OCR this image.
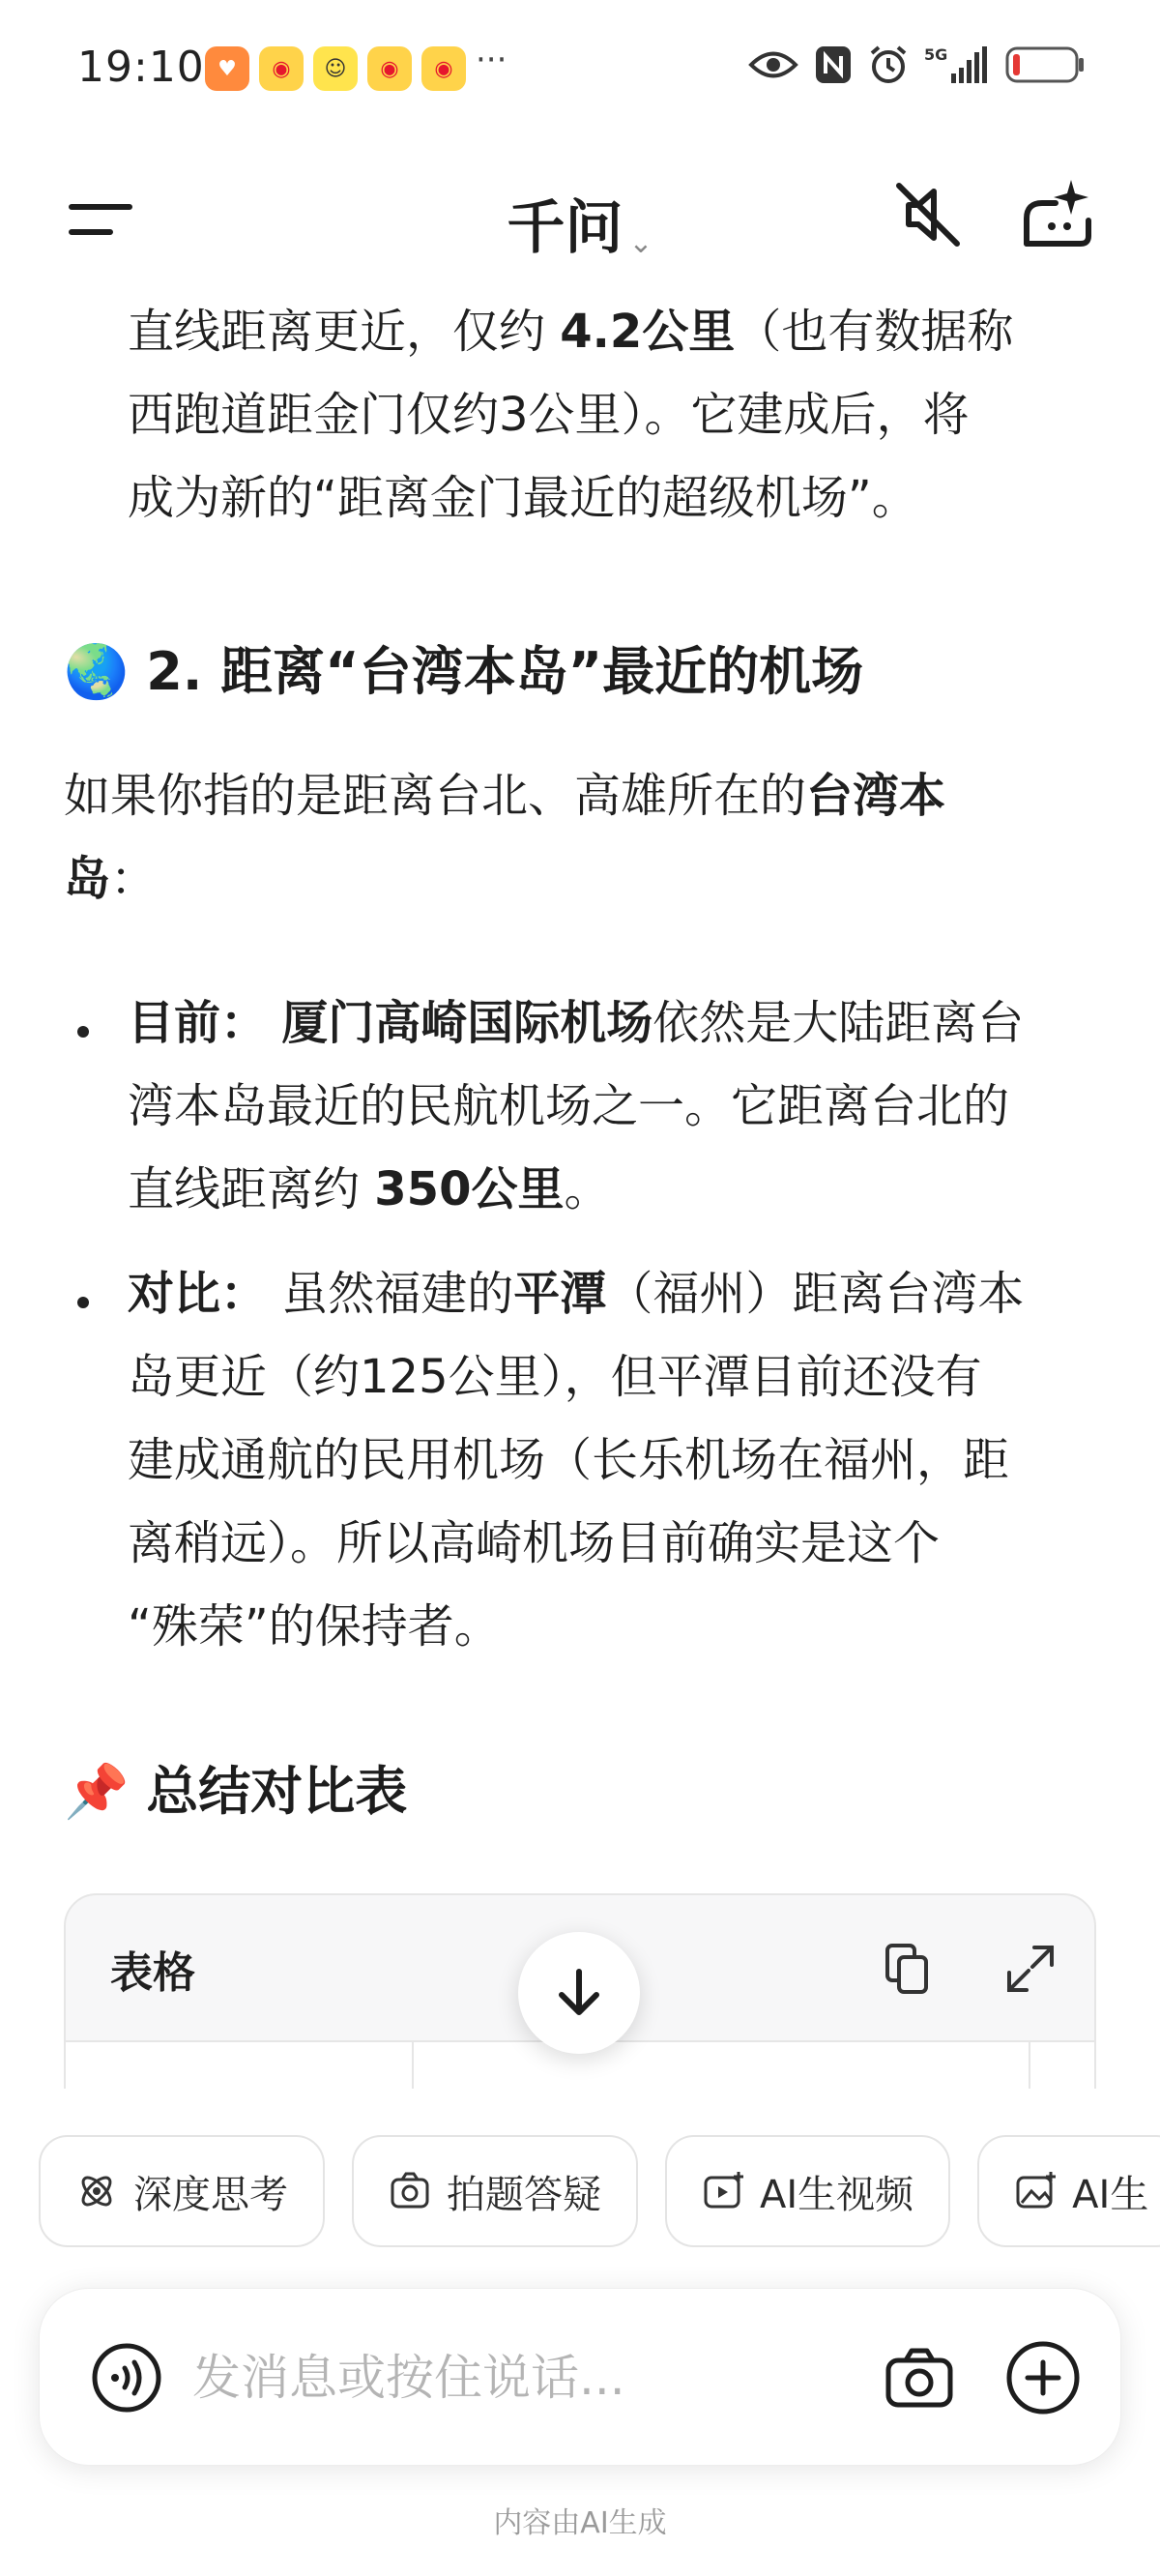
19:10 ♥	◉	☺	◉	◉ ···	5G
千问 ⌄
直线距离更近，仅约 4.2公里（也有数据称
西跑道距金门仅约3公里）。它建成后，将
成为新的“距离金门最近的超级机场”。
🌏 2. 距离“台湾本岛”最近的机场
如果你指的是距离台北、高雄所在的台湾本
岛：
目前： 厦门高崎国际机场依然是大陆距离台
湾本岛最近的民航机场之一。它距离台北的
直线距离约 350公里。
对比： 虽然福建的平潭（福州）距离台湾本
岛更近（约125公里），但平潭目前还没有
建成通航的民用机场（长乐机场在福州，距
离稍远）。所以高崎机场目前确实是这个
“殊荣”的保持者。
📌 总结对比表
表格
深度思考	拍题答疑	AI生视频	AI生
发消息或按住说话...
内容由AI生成
